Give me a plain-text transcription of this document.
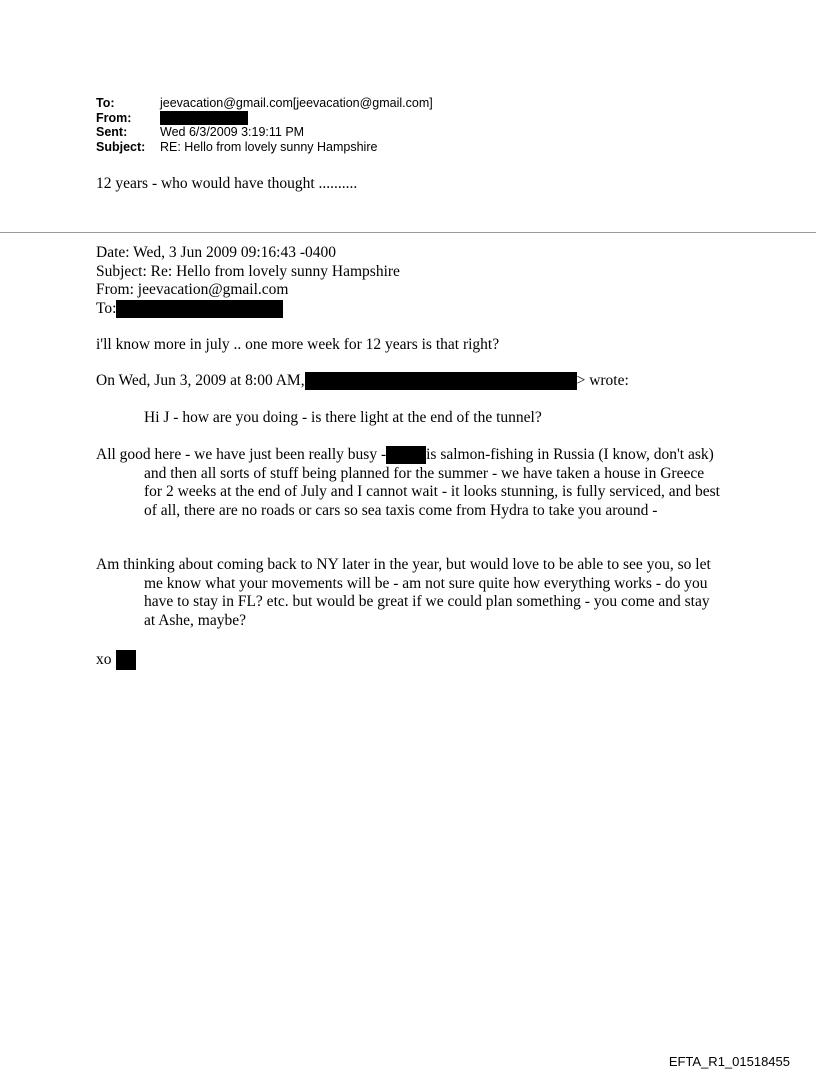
To:	jeevacation@gmail.com[jeevacation@gmail.com]
From:
Sent:	Wed 6/3/2009 3:19:11 PM
Subject:	RE: Hello from lovely sunny Hampshire
12 years - who would have thought ..........
Date: Wed, 3 Jun 2009 09:16:43 -0400
Subject: Re: Hello from lovely sunny Hampshire
From: jeevacation@gmail.com
To:
i'll know more in july .. one more week for 12 years is that right?
On Wed, Jun 3, 2009 at 8:00 AM,	> wrote:
Hi J - how are you doing - is there light at the end of the tunnel?
All good here - we have just been really busy -	is salmon-fishing in Russia (I know, don't ask) and then all sorts of stuff being planned for the summer - we have taken a house in Greece for 2 weeks at the end of July and I cannot wait - it looks stunning, is fully serviced, and best of all, there are no roads or cars so sea taxis come from Hydra to take you around -
Am thinking about coming back to NY later in the year, but would love to be able to see you, so let me know what your movements will be - am not sure quite how everything works - do you have to stay in FL? etc. but would be great if we could plan something - you come and stay at Ashe, maybe?
xo
EFTA_R1_01518455
